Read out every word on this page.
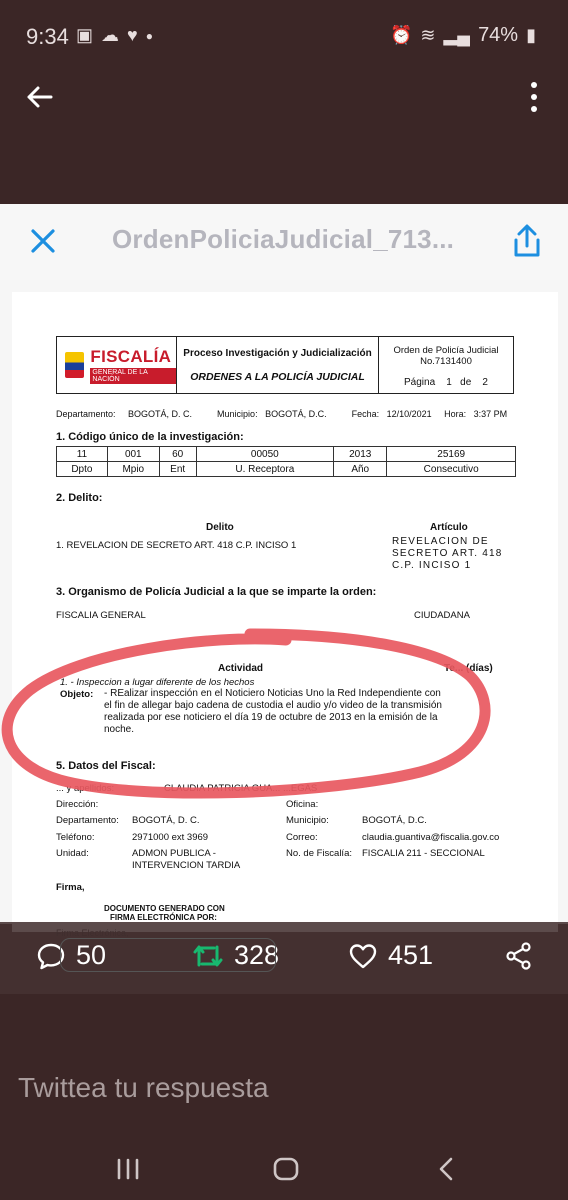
9:34 ▣ ☁ ♥ ●	⏰ ≋ ▂▄ 74% ▮
OrdenPoliciaJudicial_713...
FISCALÍA
GENERAL DE LA NACIÓN
Proceso Investigación y Judicialización
ORDENES A LA POLICÍA JUDICIAL
Orden de Policía Judicial
No.7131400
Página    1   de    2
Departamento:     BOGOTÁ, D. C.          Municipio:   BOGOTÁ, D.C.          Fecha:   12/10/2021     Hora:   3:37 PM
1. Código único de la investigación:
11	001	60	00050	2013	25169
Dpto	Mpio	Ent	U. Receptora	Año	Consecutivo
2. Delito:
Delito	Artículo
1. REVELACION DE SECRETO ART. 418 C.P. INCISO 1	REVELACION DE SECRETO ART. 418 C.P. INCISO 1
3. Organismo de Policía Judicial a la que se imparte la orden:
FISCALIA GENERAL	CIUDADANA
Actividad	Te... (días)
1. - Inspeccion a lugar diferente de los hechos
Objeto: - REalizar inspección en el Noticiero Noticias Uno la Red Independiente con el fin de allegar bajo cadena de custodia el audio y/o video de la transmisión realizada por ese noticiero el día 19 de octubre de 2013 en la emisión de la noche.
5. Datos del Fiscal:
... y apellidos:	CLAUDIA PATRICIA GUA... ...EGAS
Dirección:	Oficina:
Departamento: BOGOTÁ, D. C.	Municipio:	BOGOTÁ, D.C.
Teléfono:	2971000 ext 3969	Correo:	claudia.guantiva@fiscalia.gov.co
Unidad:	ADMON PUBLICA -
INTERVENCION TARDIA
No. de Fiscalía: FISCALIA 211 - SECCIONAL
Firma,
DOCUMENTO GENERADO CON
FIRMA ELECTRÓNICA POR:
50	328	451
Twittea tu respuesta
